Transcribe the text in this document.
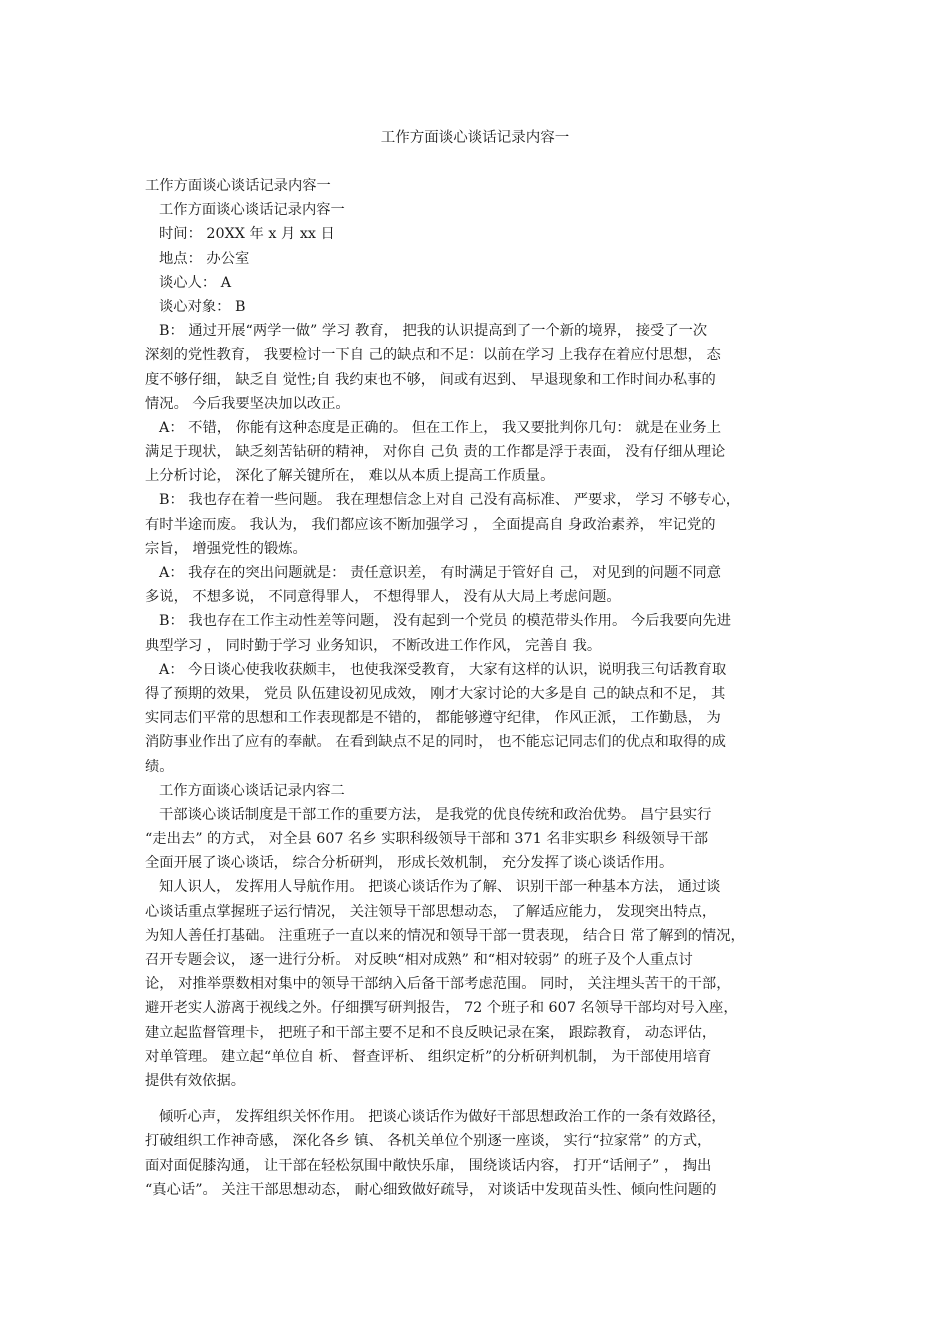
工作方面谈心谈话记录内容一
工作方面谈心谈话记录内容一
工作方面谈心谈话记录内容一
时间： 20XX 年 x 月 xx 日
地点： 办公室
谈心人： A
谈心对象： B
B： 通过开展“两学一做” 学习 教育， 把我的认识提高到了一个新的境界， 接受了一次
深刻的党性教育， 我要检讨一下自 己的缺点和不足：以前在学习 上我存在着应付思想， 态
度不够仔细， 缺乏自 觉性;自 我约束也不够， 间或有迟到、 早退现象和工作时间办私事的
情况。 今后我要坚决加以改正。
A： 不错， 你能有这种态度是正确的。 但在工作上， 我又要批判你几句： 就是在业务上
满足于现状， 缺乏刻苦钻研的精神， 对你自 己负 责的工作都是浮于表面， 没有仔细从理论
上分析讨论， 深化了解关键所在， 难以从本质上提高工作质量。
B： 我也存在着一些问题。 我在理想信念上对自 己没有高标准、 严要求， 学习 不够专心，
有时半途而废。 我认为， 我们都应该不断加强学习 ， 全面提高自 身政治素养， 牢记党的
宗旨， 增强党性的锻炼。
A： 我存在的突出问题就是： 责任意识差， 有时满足于管好自 己， 对见到的问题不同意
多说， 不想多说， 不同意得罪人， 不想得罪人， 没有从大局上考虑问题。
B： 我也存在工作主动性差等问题， 没有起到一个党员 的模范带头作用。 今后我要向先进
典型学习 ， 同时勤于学习 业务知识， 不断改进工作作风， 完善自 我。
A： 今日谈心使我收获颇丰， 也使我深受教育， 大家有这样的认识，说明我三句话教育取
得了预期的效果， 党员 队伍建设初见成效， 刚才大家讨论的大多是自 己的缺点和不足， 其
实同志们平常的思想和工作表现都是不错的， 都能够遵守纪律， 作风正派， 工作勤恳， 为
消防事业作出了应有的奉献。 在看到缺点不足的同时， 也不能忘记同志们的优点和取得的成
绩。
工作方面谈心谈话记录内容二
干部谈心谈话制度是干部工作的重要方法， 是我党的优良传统和政治优势。 昌宁县实行
“走出去” 的方式， 对全县 607 名乡 实职科级领导干部和 371 名非实职乡 科级领导干部
全面开展了谈心谈话， 综合分析研判， 形成长效机制， 充分发挥了谈心谈话作用。
知人识人， 发挥用人导航作用。 把谈心谈话作为了解、 识别干部一种基本方法， 通过谈
心谈话重点掌握班子运行情况， 关注领导干部思想动态， 了解适应能力， 发现突出特点，
为知人善任打基础。 注重班子一直以来的情况和领导干部一贯表现， 结合日 常了解到的情况，
召开专题会议， 逐一进行分析。 对反映“相对成熟” 和“相对较弱” 的班子及个人重点讨
论， 对推举票数相对集中的领导干部纳入后备干部考虑范围。 同时， 关注埋头苦干的干部，
避开老实人游离于视线之外。仔细撰写研判报告， 72 个班子和 607 名领导干部均对号入座，
建立起监督管理卡， 把班子和干部主要不足和不良反映记录在案， 跟踪教育， 动态评估，
对单管理。 建立起“单位自 析、 督查评析、 组织定析”的分析研判机制， 为干部使用培育
提供有效依据。
倾听心声， 发挥组织关怀作用。 把谈心谈话作为做好干部思想政治工作的一条有效路径，
打破组织工作神奇感， 深化各乡 镇、 各机关单位个别逐一座谈， 实行“拉家常” 的方式，
面对面促膝沟通， 让干部在轻松氛围中敞快乐扉， 围绕谈话内容， 打开“话闸子” ， 掏出
“真心话”。 关注干部思想动态， 耐心细致做好疏导， 对谈话中发现苗头性、倾向性问题的
